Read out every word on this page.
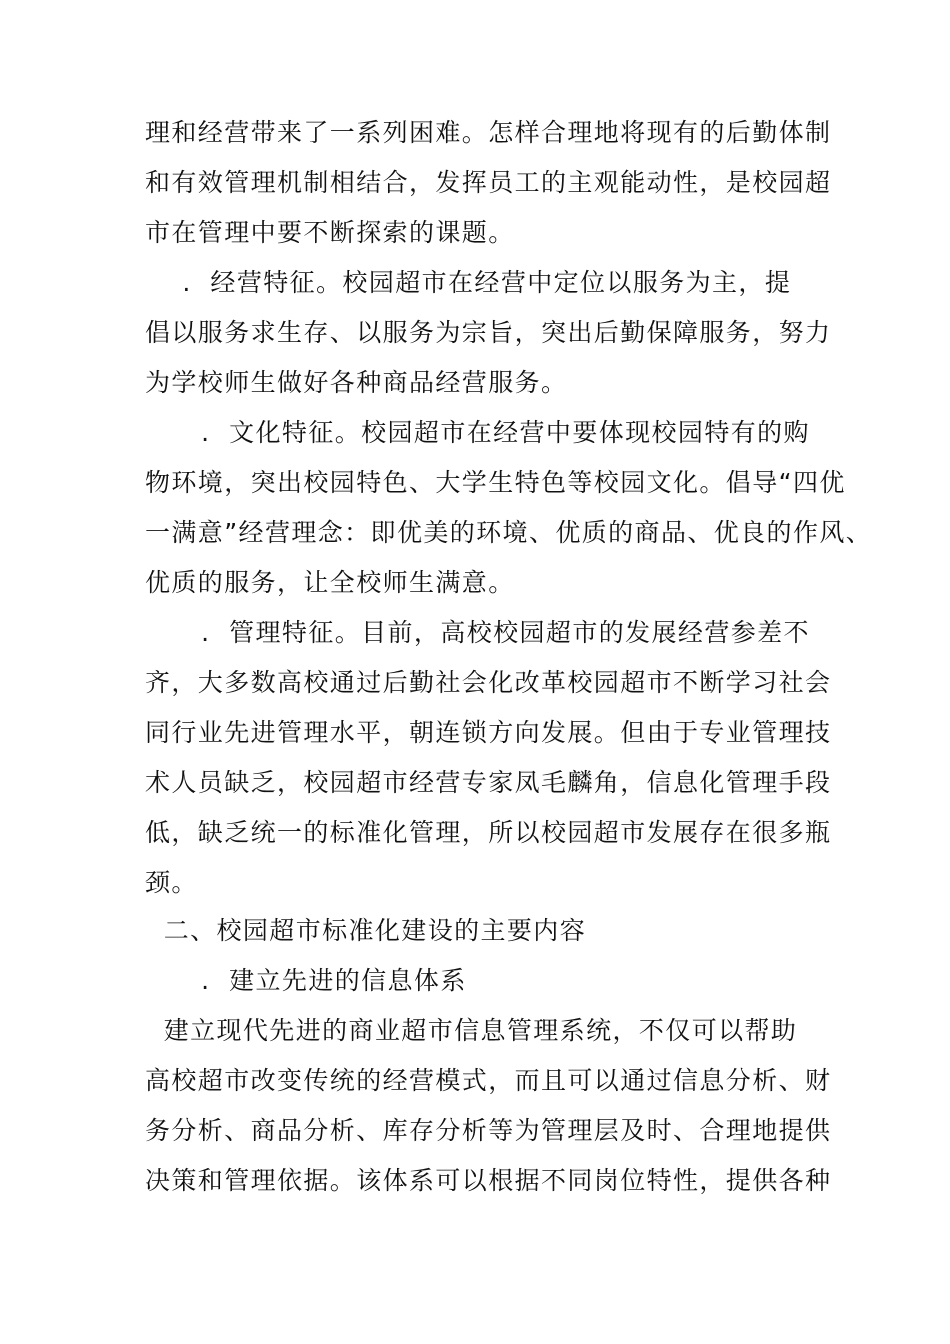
理和经营带来了一系列困难。怎样合理地将现有的后勤体制
和有效管理机制相结合，发挥员工的主观能动性，是校园超
市在管理中要不断探索的课题。
.  经营特征。校园超市在经营中定位以服务为主，提
倡以服务求生存、以服务为宗旨，突出后勤保障服务，努力
为学校师生做好各种商品经营服务。
.  文化特征。校园超市在经营中要体现校园特有的购
物环境，突出校园特色、大学生特色等校园文化。倡导“四优
一满意”经营理念：即优美的环境、优质的商品、优良的作风、
优质的服务，让全校师生满意。
.  管理特征。目前，高校校园超市的发展经营参差不
齐，大多数高校通过后勤社会化改革校园超市不断学习社会
同行业先进管理水平，朝连锁方向发展。但由于专业管理技
术人员缺乏，校园超市经营专家凤毛麟角，信息化管理手段
低，缺乏统一的标准化管理，所以校园超市发展存在很多瓶
颈。
二、校园超市标准化建设的主要内容
.  建立先进的信息体系
建立现代先进的商业超市信息管理系统，不仅可以帮助
高校超市改变传统的经营模式，而且可以通过信息分析、财
务分析、商品分析、库存分析等为管理层及时、合理地提供
决策和管理依据。该体系可以根据不同岗位特性，提供各种
